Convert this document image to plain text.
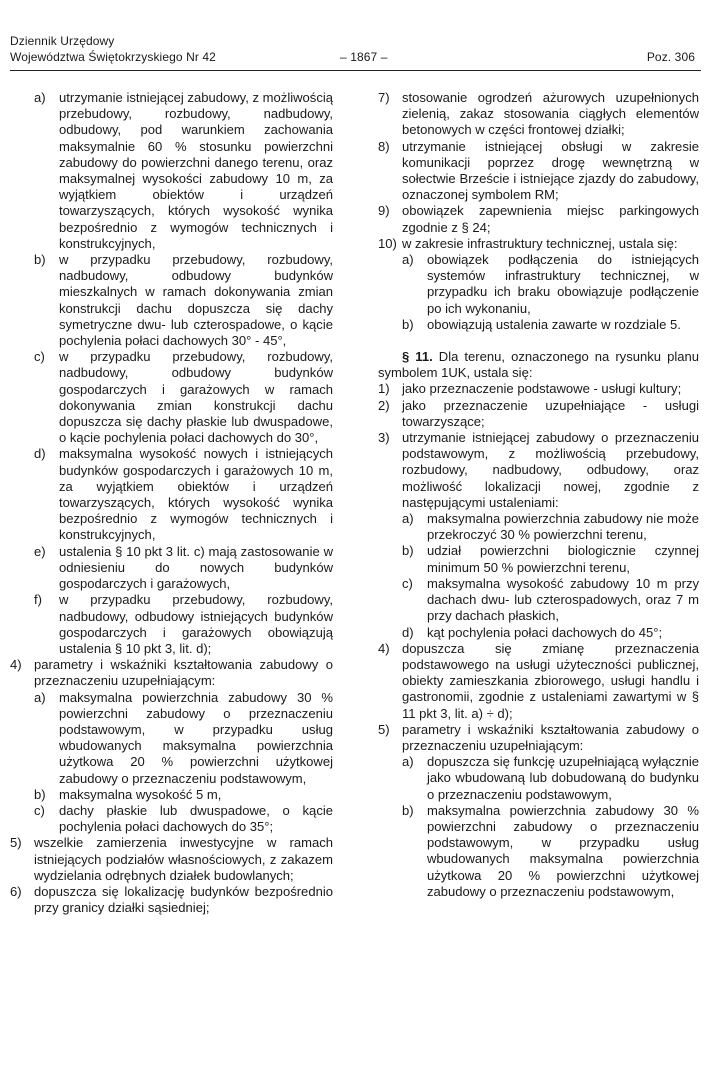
Dziennik Urzędowy
Województwa Świętokrzyskiego Nr 42	– 1867 –	Poz. 306
a) utrzymanie istniejącej zabudowy, z możliwością przebudowy, rozbudowy, nadbudowy, odbudowy, pod warunkiem zachowania maksymalnie 60 % stosunku powierzchni zabudowy do powierzchni danego terenu, oraz maksymalnej wysokości zabudowy 10 m, za wyjątkiem obiektów i urządzeń towarzyszących, których wysokość wynika bezpośrednio z wymogów technicznych i konstrukcyjnych,
b) w przypadku przebudowy, rozbudowy, nadbudowy, odbudowy budynków mieszkalnych w ramach dokonywania zmian konstrukcji dachu dopuszcza się dachy symetryczne dwu- lub czterospadowe, o kącie pochylenia połaci dachowych 30° - 45°,
c) w przypadku przebudowy, rozbudowy, nadbudowy, odbudowy budynków gospodarczych i garażowych w ramach dokonywania zmian konstrukcji dachu dopuszcza się dachy płaskie lub dwuspadowe, o kącie pochylenia połaci dachowych do 30°,
d) maksymalna wysokość nowych i istniejących budynków gospodarczych i garażowych 10 m, za wyjątkiem obiektów i urządzeń towarzyszących, których wysokość wynika bezpośrednio z wymogów technicznych i konstrukcyjnych,
e) ustalenia § 10 pkt 3 lit. c) mają zastosowanie w odniesieniu do nowych budynków gospodarczych i garażowych,
f) w przypadku przebudowy, rozbudowy, nadbudowy, odbudowy istniejących budynków gospodarczych i garażowych obowiązują ustalenia § 10 pkt 3, lit. d);
4) parametry i wskaźniki kształtowania zabudowy o przeznaczeniu uzupełniającym:
a) maksymalna powierzchnia zabudowy 30 % powierzchni zabudowy o przeznaczeniu podstawowym, w przypadku usług wbudowanych maksymalna powierzchnia użytkowa 20 % powierzchni użytkowej zabudowy o przeznaczeniu podstawowym,
b) maksymalna wysokość 5 m,
c) dachy płaskie lub dwuspadowe, o kącie pochylenia połaci dachowych do 35°;
5) wszelkie zamierzenia inwestycyjne w ramach istniejących podziałów własnościowych, z zakazem wydzielania odrębnych działek budowlanych;
6) dopuszcza się lokalizację budynków bezpośrednio przy granicy działki sąsiedniej;
7) stosowanie ogrodzeń ażurowych uzupełnionych zielenią, zakaz stosowania ciągłych elementów betonowych w części frontowej działki;
8) utrzymanie istniejącej obsługi w zakresie komunikacji poprzez drogę wewnętrzną w sołectwie Brzeście i istniejące zjazdy do zabudowy, oznaczonej symbolem RM;
9) obowiązek zapewnienia miejsc parkingowych zgodnie z § 24;
10) w zakresie infrastruktury technicznej, ustala się:
a) obowiązek podłączenia do istniejących systemów infrastruktury technicznej, w przypadku ich braku obowiązuje podłączenie po ich wykonaniu,
b) obowiązują ustalenia zawarte w rozdziale 5.
§ 11. Dla terenu, oznaczonego na rysunku planu symbolem 1UK, ustala się:
1) jako przeznaczenie podstawowe - usługi kultury;
2) jako przeznaczenie uzupełniające - usługi towarzyszące;
3) utrzymanie istniejącej zabudowy o przeznaczeniu podstawowym, z możliwością przebudowy, rozbudowy, nadbudowy, odbudowy, oraz możliwość lokalizacji nowej, zgodnie z następującymi ustaleniami:
a) maksymalna powierzchnia zabudowy nie może przekroczyć 30 % powierzchni terenu,
b) udział powierzchni biologicznie czynnej minimum 50 % powierzchni terenu,
c) maksymalna wysokość zabudowy 10 m przy dachach dwu- lub czterospadowych, oraz 7 m przy dachach płaskich,
d) kąt pochylenia połaci dachowych do 45°;
4) dopuszcza się zmianę przeznaczenia podstawowego na usługi użyteczności publicznej, obiekty zamieszkania zbiorowego, usługi handlu i gastronomii, zgodnie z ustaleniami zawartymi w § 11 pkt 3, lit. a) ÷ d);
5) parametry i wskaźniki kształtowania zabudowy o przeznaczeniu uzupełniającym:
a) dopuszcza się funkcję uzupełniającą wyłącznie jako wbudowaną lub dobudowaną do budynku o przeznaczeniu podstawowym,
b) maksymalna powierzchnia zabudowy 30 % powierzchni zabudowy o przeznaczeniu podstawowym, w przypadku usług wbudowanych maksymalna powierzchnia użytkowa 20 % powierzchni użytkowej zabudowy o przeznaczeniu podstawowym,
